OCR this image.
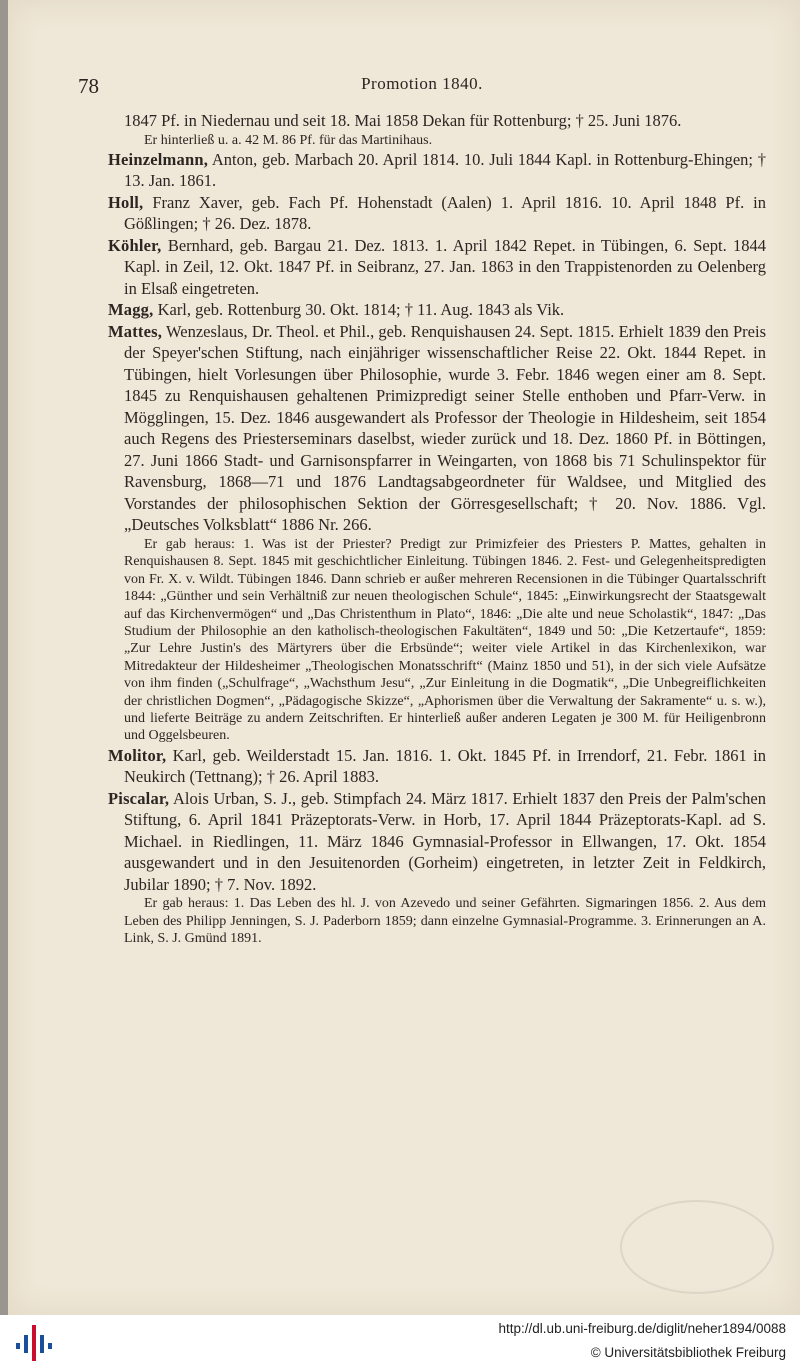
78	Promotion 1840.

1847 Pf. in Niedernau und seit 18. Mai 1858 Dekan für Rottenburg; † 25. Juni 1876.

Er hinterließ u. a. 42 M. 86 Pf. für das Martinihaus.

Heinzelmann, Anton, geb. Marbach 20. April 1814. 10. Juli 1844 Kapl. in Rottenburg-Ehingen; † 13. Jan. 1861.

Holl, Franz Xaver, geb. Fach Pf. Hohenstadt (Aalen) 1. April 1816. 10. April 1848 Pf. in Gößlingen; † 26. Dez. 1878.

Köhler, Bernhard, geb. Bargau 21. Dez. 1813. 1. April 1842 Repet. in Tübingen, 6. Sept. 1844 Kapl. in Zeil, 12. Okt. 1847 Pf. in Seibranz, 27. Jan. 1863 in den Trappistenorden zu Oelenberg in Elsaß eingetreten.

Magg, Karl, geb. Rottenburg 30. Okt. 1814; † 11. Aug. 1843 als Vik.

Mattes, Wenzeslaus, Dr. Theol. et Phil., geb. Renquishausen 24. Sept. 1815. Erhielt 1839 den Preis der Speyer'schen Stiftung, nach einjähriger wissenschaftlicher Reise 22. Okt. 1844 Repet. in Tübingen, hielt Vorlesungen über Philosophie, wurde 3. Febr. 1846 wegen einer am 8. Sept. 1845 zu Renquishausen gehaltenen Primizpredigt seiner Stelle enthoben und Pfarr-Verw. in Mögglingen, 15. Dez. 1846 ausgewandert als Professor der Theologie in Hildesheim, seit 1854 auch Regens des Priesterseminars daselbst, wieder zurück und 18. Dez. 1860 Pf. in Böttingen, 27. Juni 1866 Stadt- und Garnisonspfarrer in Weingarten, von 1868 bis 71 Schulinspektor für Ravensburg, 1868—71 und 1876 Landtagsabgeordneter für Waldsee, und Mitglied des Vorstandes der philosophischen Sektion der Görresgesellschaft; † 20. Nov. 1886. Vgl. „Deutsches Volksblatt“ 1886 Nr. 266.

Er gab heraus: 1. Was ist der Priester? Predigt zur Primizfeier des Priesters P. Mattes, gehalten in Renquishausen 8. Sept. 1845 mit geschichtlicher Einleitung. Tübingen 1846. 2. Fest- und Gelegenheitspredigten von Fr. X. v. Wildt. Tübingen 1846. Dann schrieb er außer mehreren Recensionen in die Tübinger Quartalsschrift 1844: „Günther und sein Verhältniß zur neuen theologischen Schule“, 1845: „Einwirkungsrecht der Staatsgewalt auf das Kirchenvermögen“ und „Das Christenthum in Plato“, 1846: „Die alte und neue Scholastik“, 1847: „Das Studium der Philosophie an den katholisch-theologischen Fakultäten“, 1849 und 50: „Die Ketzertaufe“, 1859: „Zur Lehre Justin's des Märtyrers über die Erbsünde“; weiter viele Artikel in das Kirchenlexikon, war Mitredakteur der Hildesheimer „Theologischen Monatsschrift“ (Mainz 1850 und 51), in der sich viele Aufsätze von ihm finden („Schulfrage“, „Wachsthum Jesu“, „Zur Einleitung in die Dogmatik“, „Die Unbegreiflichkeiten der christlichen Dogmen“, „Pädagogische Skizze“, „Aphorismen über die Verwaltung der Sakramente“ u. s. w.), und lieferte Beiträge zu andern Zeitschriften. Er hinterließ außer anderen Legaten je 300 M. für Heiligenbronn und Oggelsbeuren.

Molitor, Karl, geb. Weilderstadt 15. Jan. 1816. 1. Okt. 1845 Pf. in Irrendorf, 21. Febr. 1861 in Neukirch (Tettnang); † 26. April 1883.

Piscalar, Alois Urban, S. J., geb. Stimpfach 24. März 1817. Erhielt 1837 den Preis der Palm'schen Stiftung, 6. April 1841 Präzeptorats-Verw. in Horb, 17. April 1844 Präzeptorats-Kapl. ad S. Michael. in Riedlingen, 11. März 1846 Gymnasial-Professor in Ellwangen, 17. Okt. 1854 ausgewandert und in den Jesuitenorden (Gorheim) eingetreten, in letzter Zeit in Feldkirch, Jubilar 1890; † 7. Nov. 1892.

Er gab heraus: 1. Das Leben des hl. J. von Azevedo und seiner Gefährten. Sigmaringen 1856. 2. Aus dem Leben des Philipp Jenningen, S. J. Paderborn 1859; dann einzelne Gymnasial-Programme. 3. Erinnerungen an A. Link, S. J. Gmünd 1891.

http://dl.ub.uni-freiburg.de/diglit/neher1894/0088
© Universitätsbibliothek Freiburg
